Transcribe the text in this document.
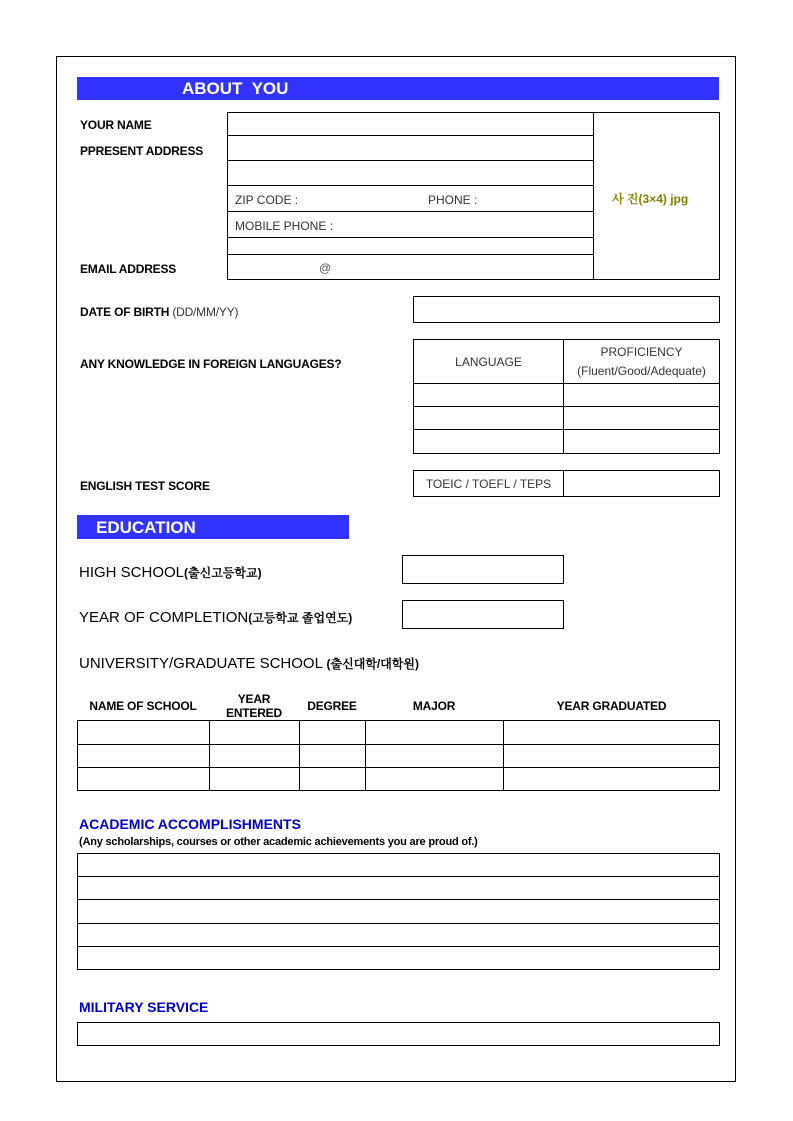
ABOUT  YOU
YOUR NAME
PPRESENT ADDRESS
ZIP CODE :	PHONE :
MOBILE PHONE :
사 진(3×4) jpg
EMAIL ADDRESS	@
DATE OF BIRTH (DD/MM/YY)
ANY KNOWLEDGE IN FOREIGN LANGUAGES?	LANGUAGE
PROFICIENCY
(Fluent/Good/Adequate)
ENGLISH TEST SCORE	TOEIC / TOEFL / TEPS
EDUCATION
HIGH SCHOOL(출신고등학교)
YEAR OF COMPLETION(고등학교 졸업연도)
UNIVERSITY/GRADUATE SCHOOL (출신대학/대학원)
NAME OF SCHOOL	YEAR ENTERED	DEGREE	MAJOR	YEAR GRADUATED
ACADEMIC ACCOMPLISHMENTS
(Any scholarships, courses or other academic achievements you are proud of.)
MILITARY SERVICE
